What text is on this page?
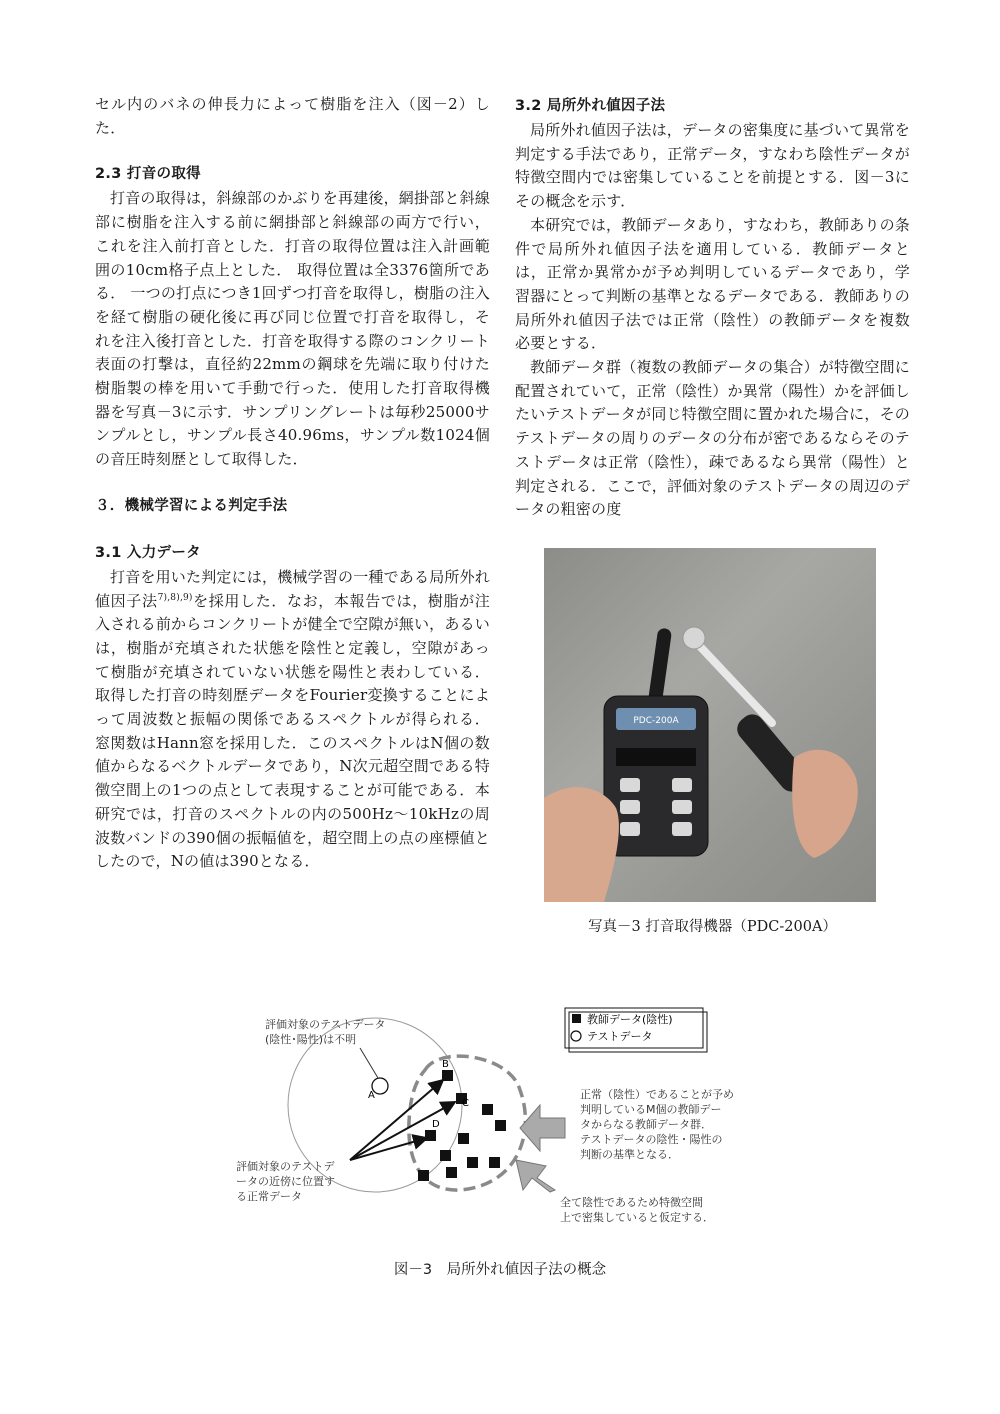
セル内のバネの伸長力によって樹脂を注入（図－2）した．

2.3 打音の取得

打音の取得は，斜線部のかぶりを再建後，網掛部と斜線部に樹脂を注入する前に網掛部と斜線部の両方で行い，これを注入前打音とした．打音の取得位置は注入計画範囲の10cm格子点上とした． 取得位置は全3376箇所である． 一つの打点につき1回ずつ打音を取得し，樹脂の注入を経て樹脂の硬化後に再び同じ位置で打音を取得し，それを注入後打音とした．打音を取得する際のコンクリート表面の打撃は，直径約22mmの鋼球を先端に取り付けた樹脂製の棒を用いて手動で行った．使用した打音取得機器を写真－3に示す．サンプリングレートは毎秒25000サンプルとし，サンプル長さ40.96ms，サンプル数1024個の音圧時刻歴として取得した．

３．機械学習による判定手法
3.1 入力データ

打音を用いた判定には，機械学習の一種である局所外れ値因子法$^{7),8),9)}$を採用した．なお，本報告では，樹脂が注入される前からコンクリートが健全で空隙が無い，あるいは，樹脂が充填された状態を陰性と定義し，空隙があって樹脂が充填されていない状態を陽性と表わしている．取得した打音の時刻歴データをFourier変換することによって周波数と振幅の関係であるスペクトルが得られる． 窓関数はHann窓を採用した．このスペクトルはN個の数値からなるベクトルデータであり，N次元超空間である特徴空間上の1つの点として表現することが可能である．本研究では，打音のスペクトルの内の500Hz～10kHzの周波数バンドの390個の振幅値を，超空間上の点の座標値としたので，Nの値は390となる．

3.2 局所外れ値因子法

局所外れ値因子法は，データの密集度に基づいて異常を判定する手法であり，正常データ，すなわち陰性データが特徴空間内では密集していることを前提とする．図－3にその概念を示す．

本研究では，教師データあり，すなわち，教師ありの条件で局所外れ値因子法を適用している．教師データとは，正常か異常かが予め判明しているデータであり，学習器にとって判断の基準となるデータである．教師ありの局所外れ値因子法では正常（陰性）の教師データを複数必要とする．

教師データ群（複数の教師データの集合）が特徴空間に配置されていて，正常（陰性）か異常（陽性）かを評価したいテストデータが同じ特徴空間に置かれた場合に，そのテストデータの周りのデータの分布が密であるならそのテストデータは正常（陰性），疎であるなら異常（陽性）と判定される．ここで，評価対象のテストデータの周辺のデータの粗密の度

PDC-200A
写真－3 打音取得機器（PDC-200A）
A
B
C
D
評価対象のテストデータ
(陰性･陽性)は不明
評価対象のテストデ
ータの近傍に位置す
る正常データ
教師データ(陰性)
テストデータ
正常（陰性）であることが予め
判明しているM個の教師デー
タからなる教師データ群．
テストデータの陰性・陽性の
判断の基準となる．
全て陰性であるため特徴空間
上で密集していると仮定する．
図－3　局所外れ値因子法の概念
